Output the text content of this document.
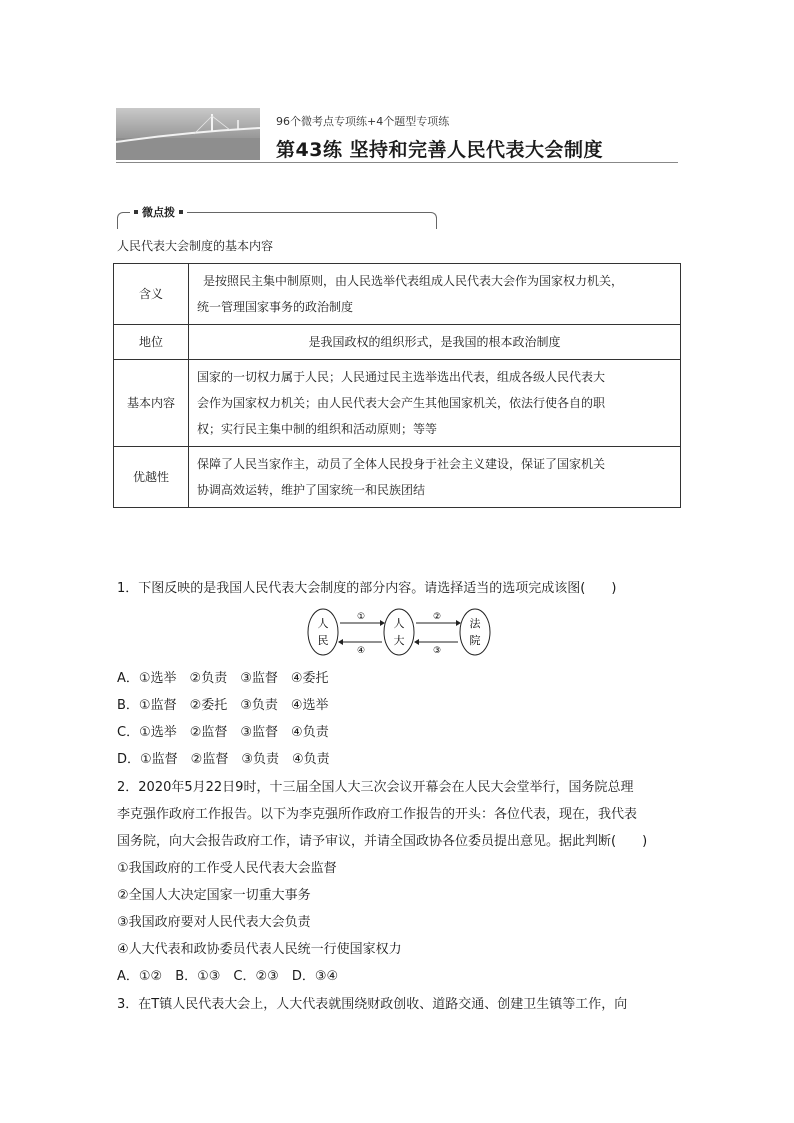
96个微考点专项练+4个题型专项练
第43练 坚持和完善人民代表大会制度
微点拨
人民代表大会制度的基本内容
含义	是按照民主集中制原则，由人民选举代表组成人民代表大会作为国家权力机关，
统一管理国家事务的政治制度

地位	是我国政权的组织形式，是我国的根本政治制度

基本内容	国家的一切权力属于人民；人民通过民主选举选出代表，组成各级人民代表大
会作为国家权力机关；由人民代表大会产生其他国家机关，依法行使各自的职
权；实行民主集中制的组织和活动原则；等等

优越性	保障了人民当家作主，动员了全体人民投身于社会主义建设，保证了国家机关
协调高效运转，维护了国家统一和民族团结
1．下图反映的是我国人民代表大会制度的部分内容。请选择适当的选项完成该图(　　)
人
民
人
大
法
院
①	②
③
④
A．①选举　②负责　③监督　④委托
B．①监督　②委托　③负责　④选举
C．①选举　②监督　③监督　④负责
D．①监督　②监督　③负责　④负责
2．2020年5月22日9时，十三届全国人大三次会议开幕会在人民大会堂举行，国务院总理
李克强作政府工作报告。以下为李克强所作政府工作报告的开头：各位代表，现在，我代表
国务院，向大会报告政府工作，请予审议，并请全国政协各位委员提出意见。据此判断(　　)
①我国政府的工作受人民代表大会监督
②全国人大决定国家一切重大事务
③我国政府要对人民代表大会负责
④人大代表和政协委员代表人民统一行使国家权力
A．①②　B．①③　C．②③　D．③④
3．在T镇人民代表大会上，人大代表就围绕财政创收、道路交通、创建卫生镇等工作，向
